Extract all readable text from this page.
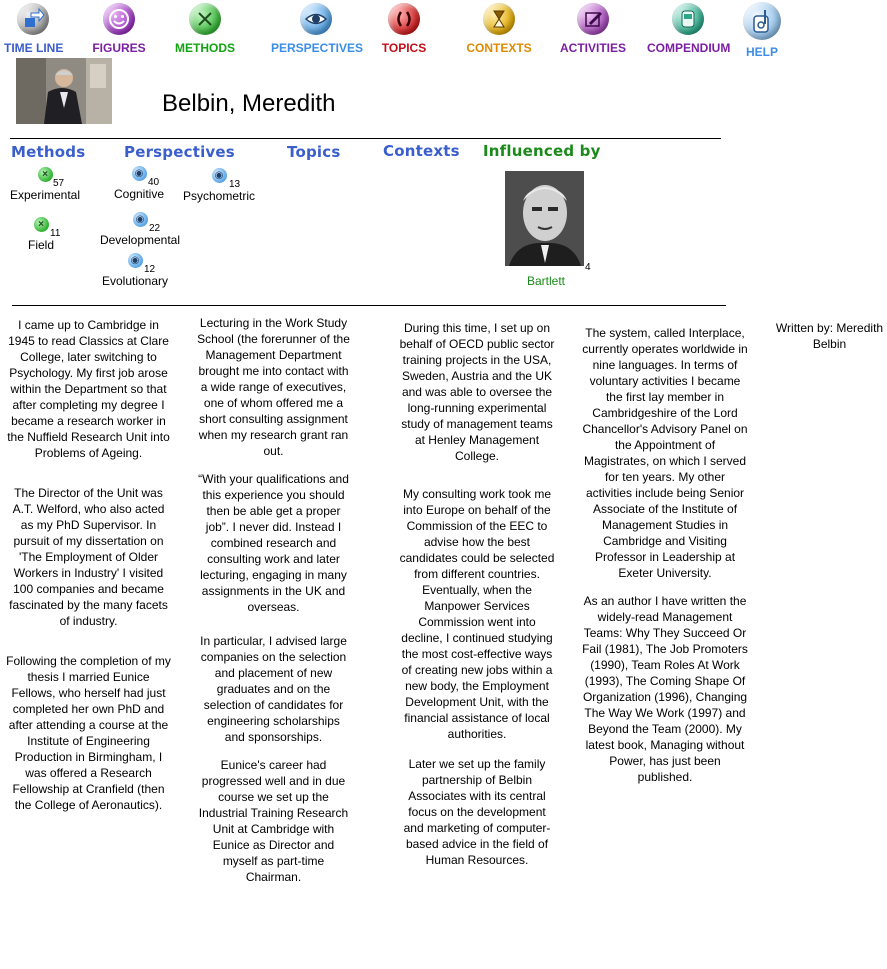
TIME LINE FIGURES METHODS	PERSPECTIVES TOPICS	CONTEXTS ACTIVITIES COMPENDIUM	HELP
Belbin, Meredith
Methods	Perspectives	Topics	Contexts Influenced by
×
57
Experimental
×
11
Field
◉
40
Cognitive
◉
13
Psychometric
◉
22
Developmental
◉
12
Evolutionary
4
Bartlett

I came up to Cambridge in 1945 to read Classics at Clare College, later switching to Psychology. My first job arose within the Department so that after completing my degree I became a research worker in the Nuffield Research Unit into Problems of Ageing.

The Director of the Unit was A.T. Welford, who also acted as my PhD Supervisor. In pursuit of my dissertation on 'The Employment of Older Workers in Industry' I visited 100 companies and became fascinated by the many facets of industry.

Following the completion of my thesis I married Eunice Fellows, who herself had just completed her own PhD and after attending a course at the Institute of Engineering Production in Birmingham, I was offered a Research Fellowship at Cranfield (then the College of Aeronautics).

Lecturing in the Work Study School (the forerunner of the Management Department brought me into contact with a wide range of executives, one of whom offered me a short consulting assignment when my research grant ran out.

“With your qualifications and this experience you should then be able get a proper job”. I never did. Instead I combined research and consulting work and later lecturing, engaging in many assignments in the UK and overseas.

In particular, I advised large companies on the selection and placement of new graduates and on the selection of candidates for engineering scholarships and sponsorships.

Eunice's career had progressed well and in due course we set up the Industrial Training Research Unit at Cambridge with Eunice as Director and myself as part-time Chairman.

During this time, I set up on behalf of OECD public sector training projects in the USA, Sweden, Austria and the UK and was able to oversee the long-running experimental study of management teams at Henley Management College.

My consulting work took me into Europe on behalf of the Commission of the EEC to advise how the best candidates could be selected from different countries. Eventually, when the Manpower Services Commission went into decline, I continued studying the most cost-effective ways of creating new jobs within a new body, the Employment Development Unit, with the financial assistance of local authorities.

Later we set up the family partnership of Belbin Associates with its central focus on the development and marketing of computer-based advice in the field of Human Resources.

The system, called Interplace, currently operates worldwide in nine languages. In terms of voluntary activities I became the first lay member in Cambridgeshire of the Lord Chancellor's Advisory Panel on the Appointment of Magistrates, on which I served for ten years. My other activities include being Senior Associate of the Institute of Management Studies in Cambridge and Visiting Professor in Leadership at Exeter University.

As an author I have written the widely-read Management Teams: Why They Succeed Or Fail (1981), The Job Promoters (1990), Team Roles At Work (1993), The Coming Shape Of Organization (1996), Changing The Way We Work (1997) and Beyond the Team (2000). My latest book, Managing without Power, has just been published.

Written by: Meredith Belbin
